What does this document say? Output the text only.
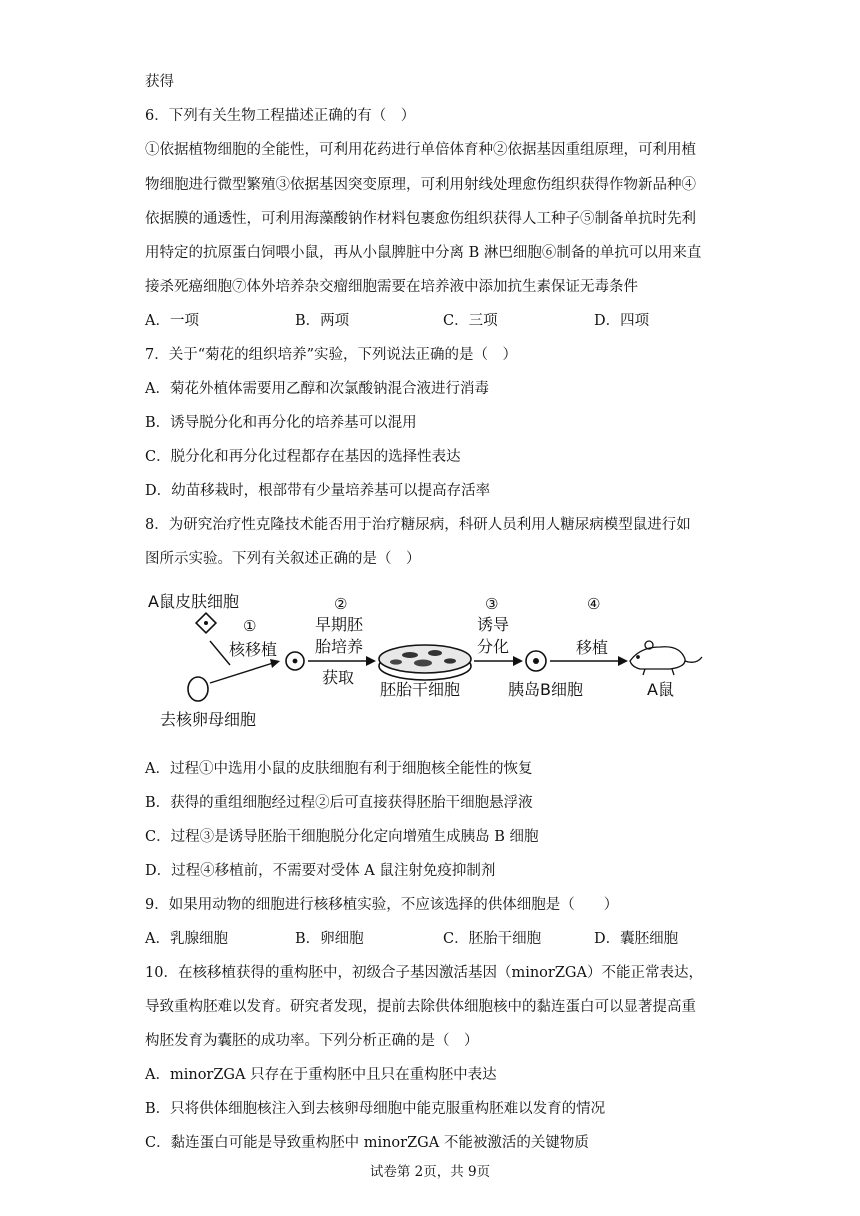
获得
6．下列有关生物工程描述正确的有（　）
①依据植物细胞的全能性，可利用花药进行单倍体育种②依据基因重组原理，可利用植
物细胞进行微型繁殖③依据基因突变原理，可利用射线处理愈伤组织获得作物新品种④
依据膜的通透性，可利用海藻酸钠作材料包裹愈伤组织获得人工种子⑤制备单抗时先利
用特定的抗原蛋白饲喂小鼠，再从小鼠脾脏中分离 B 淋巴细胞⑥制备的单抗可以用来直
接杀死癌细胞⑦体外培养杂交瘤细胞需要在培养液中添加抗生素保证无毒条件
A．一项	B．两项	C．三项	D．四项
7．关于“菊花的组织培养”实验，下列说法正确的是（　）
A．菊花外植体需要用乙醇和次氯酸钠混合液进行消毒
B．诱导脱分化和再分化的培养基可以混用
C．脱分化和再分化过程都存在基因的选择性表达
D．幼苗移栽时，根部带有少量培养基可以提高存活率
8．为研究治疗性克隆技术能否用于治疗糖尿病，科研人员利用人糖尿病模型鼠进行如
图所示实验。下列有关叙述正确的是（　）
A鼠皮肤细胞
去核卵母细胞
①
核移植
②
早期胚
胎培养
获取
胚胎干细胞
③
诱导
分化
胰岛B细胞
④
移植
A鼠
A．过程①中选用小鼠的皮肤细胞有利于细胞核全能性的恢复
B．获得的重组细胞经过程②后可直接获得胚胎干细胞悬浮液
C．过程③是诱导胚胎干细胞脱分化定向增殖生成胰岛 B 细胞
D．过程④移植前，不需要对受体 A 鼠注射免疫抑制剂
9．如果用动物的细胞进行核移植实验，不应该选择的供体细胞是（　　）
A．乳腺细胞	B．卵细胞	C．胚胎干细胞	D．囊胚细胞
10．在核移植获得的重构胚中，初级合子基因激活基因（minorZGA）不能正常表达，
导致重构胚难以发育。研究者发现，提前去除供体细胞核中的黏连蛋白可以显著提高重
构胚发育为囊胚的成功率。下列分析正确的是（　）
A．minorZGA 只存在于重构胚中且只在重构胚中表达
B．只将供体细胞核注入到去核卵母细胞中能克服重构胚难以发育的情况
C．黏连蛋白可能是导致重构胚中 minorZGA 不能被激活的关键物质
试卷第 2页，共 9页
